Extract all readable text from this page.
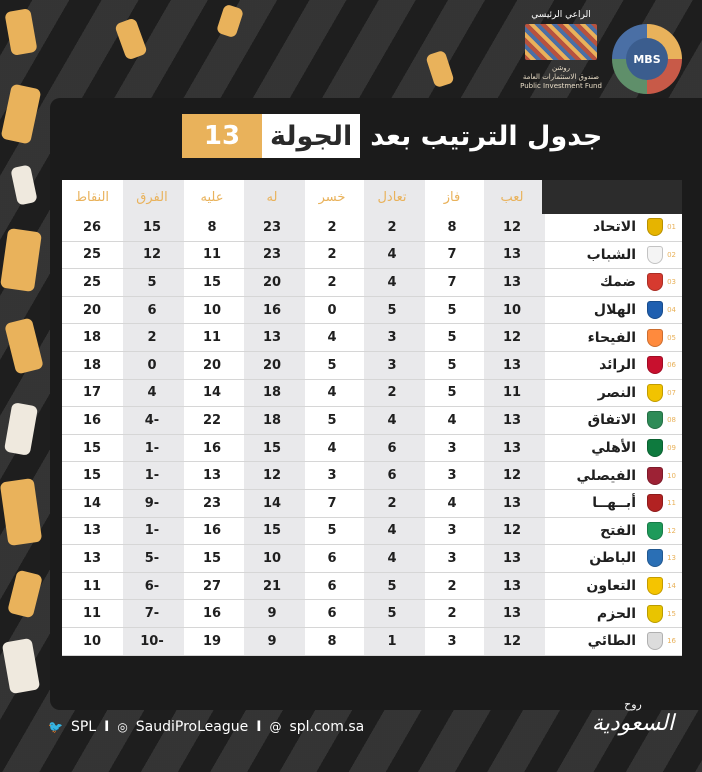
الراعي الرئيسي
روشن
صندوق الاستثمارات العامة
Public Investment Fund
MBS
13	الجولة جدول الترتيب بعد
النقاط	الفرق	عليه	له	خسر	تعادل	فاز	لعب
26	15	8	23	2	2	8	12	الاتحاد	01
25	12	11	23	2	4	7	13	الشباب	02
25	5	15	20	2	4	7	13	ضمك	03
20	6	10	16	0	5	5	10	الهلال	04
18	2	11	13	4	3	5	12	الفيحاء	05
18	0	20	20	5	3	5	13	الرائد	06
17	4	14	18	4	2	5	11	النصر	07
16	4-	22	18	5	4	4	13	الاتفاق	08
15	1-	16	15	4	6	3	13	الأهلي	09
15	1-	13	12	3	6	3	12	الفيصلي	10
14	9-	23	14	7	2	4	13	أبــهــا	11
13	1-	16	15	5	4	3	12	الفتح	12
13	5-	15	10	6	4	3	13	الباطن	13
11	6-	27	21	6	5	2	13	التعاون	14
11	7-	16	9	6	5	2	13	الحزم	15
10	10-	19	9	8	1	3	12	الطائي	16
🐦 SPL I ◎ SaudiProLeague I @ spl.com.sa
روح
السعودية
